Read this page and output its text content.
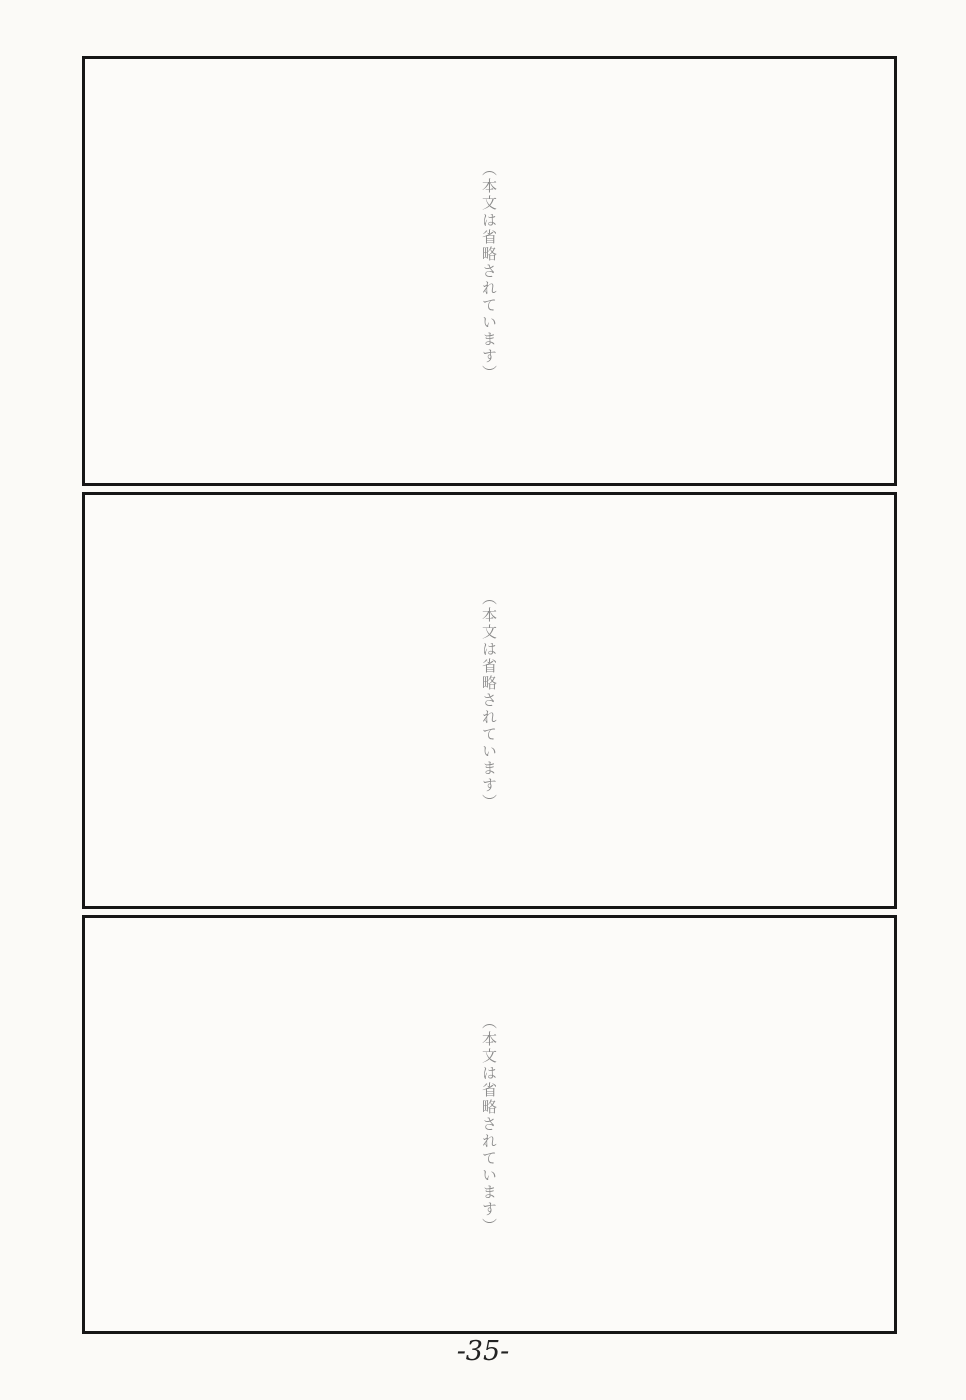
（本文は省略されています）
（本文は省略されています）
（本文は省略されています）
-35-
